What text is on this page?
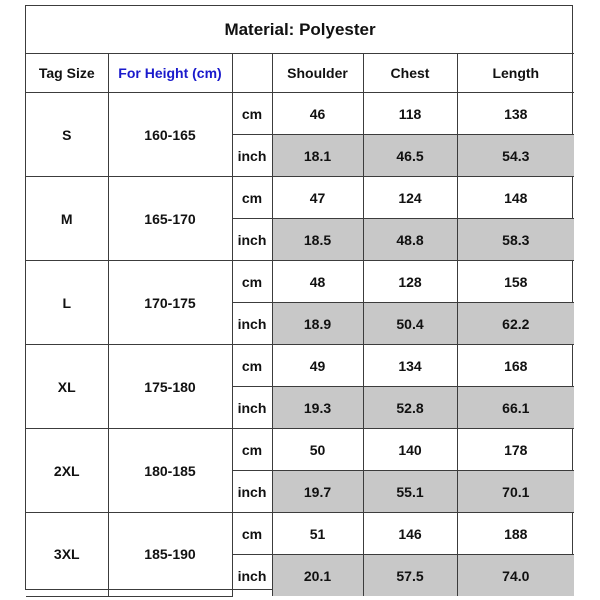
Material: Polyester					
Tag Size	For Height (cm)		Shoulder	Chest	Length
S	160-165	cm	46	118	138
		inch	18.1	46.5	54.3
M	165-170	cm	47	124	148
		inch	18.5	48.8	58.3
L	170-175	cm	48	128	158
		inch	18.9	50.4	62.2
XL	175-180	cm	49	134	168
		inch	19.3	52.8	66.1
2XL	180-185	cm	50	140	178
		inch	19.7	55.1	70.1
3XL	185-190	cm	51	146	188
		inch	20.1	57.5	74.0
